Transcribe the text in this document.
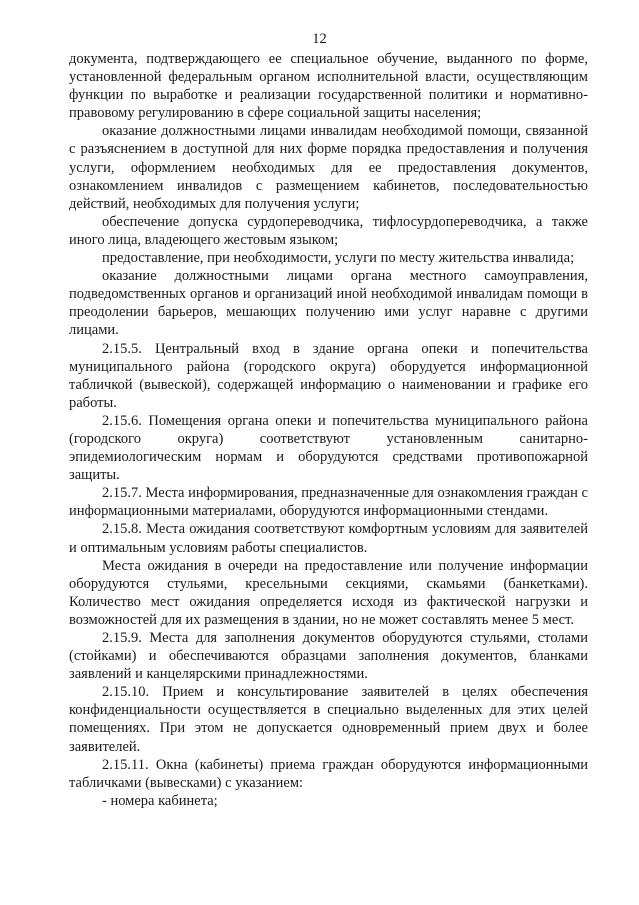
12

документа, подтверждающего ее специальное обучение, выданного по форме, установленной федеральным органом исполнительной власти, осуществляющим функции по выработке и реализации государственной политики и нормативно-правовому регулированию в сфере социальной защиты населения;

оказание должностными лицами инвалидам необходимой помощи, связанной с разъяснением в доступной для них форме порядка предоставления и получения услуги, оформлением необходимых для ее предоставления документов, ознакомлением инвалидов с размещением кабинетов, последовательностью действий, необходимых для получения услуги;

обеспечение допуска сурдопереводчика, тифлосурдопереводчика, а также иного лица, владеющего жестовым языком;

предоставление, при необходимости, услуги по месту жительства инвалида;

оказание должностными лицами органа местного самоуправления, подведомственных органов и организаций иной необходимой инвалидам помощи в преодолении барьеров, мешающих получению ими услуг наравне с другими лицами.

2.15.5. Центральный вход в здание органа опеки и попечительства муниципального района (городского округа) оборудуется информационной табличкой (вывеской), содержащей информацию о наименовании и графике его работы.

2.15.6. Помещения органа опеки и попечительства муниципального района (городского округа) соответствуют установленным санитарно-эпидемиологическим нормам и оборудуются средствами противопожарной защиты.

2.15.7. Места информирования, предназначенные для ознакомления граждан с информационными материалами, оборудуются информационными стендами.

2.15.8. Места ожидания соответствуют комфортным условиям для заявителей и оптимальным условиям работы специалистов.

Места ожидания в очереди на предоставление или получение информации оборудуются стульями, кресельными секциями, скамьями (банкетками). Количество мест ожидания определяется исходя из фактической нагрузки и возможностей для их размещения в здании, но не может составлять менее 5 мест.

2.15.9. Места для заполнения документов оборудуются стульями, столами (стойками) и обеспечиваются образцами заполнения документов, бланками заявлений и канцелярскими принадлежностями.

2.15.10. Прием и консультирование заявителей в целях обеспечения конфиденциальности осуществляется в специально выделенных для этих целей помещениях. При этом не допускается одновременный прием двух и более заявителей.

2.15.11. Окна (кабинеты) приема граждан оборудуются информационными табличками (вывесками) с указанием:

- номера кабинета;
